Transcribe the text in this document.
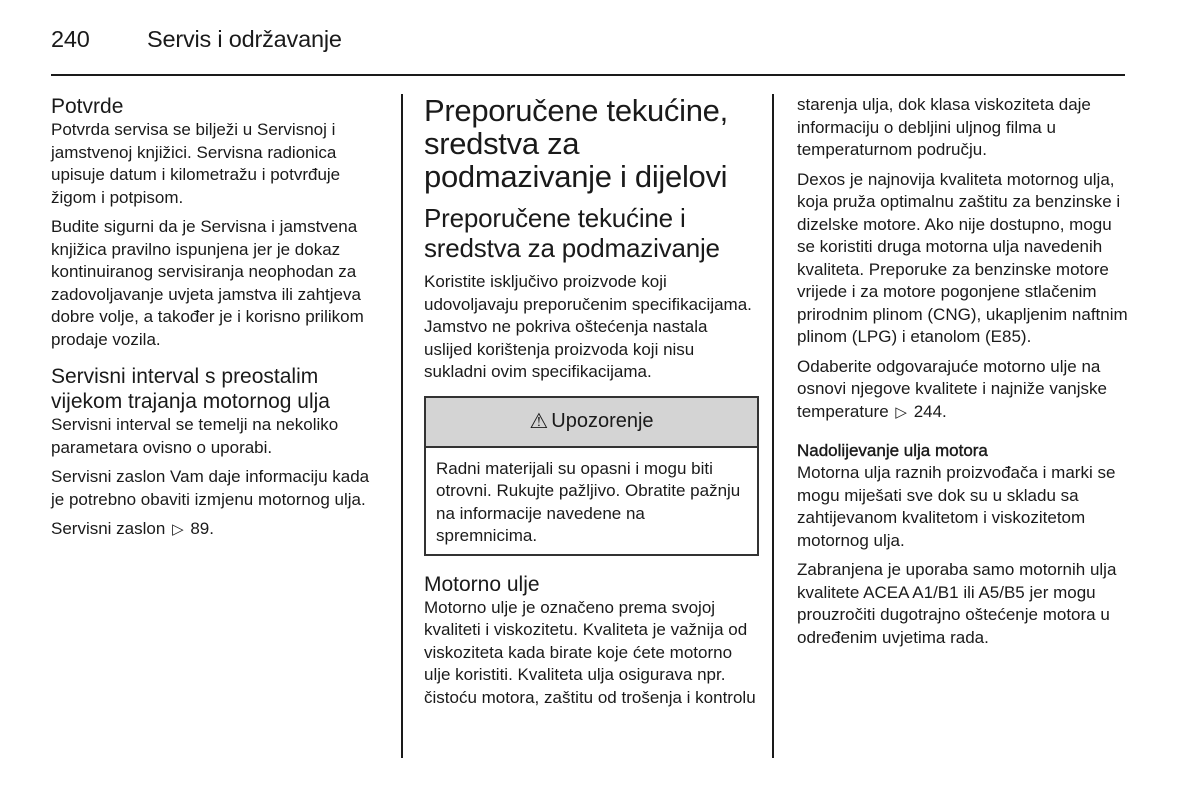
240 Servis i održavanje
Potvrde

Potvrda servisa se bilježi u Servisnoj i jamstvenoj knjižici. Servisna radionica upisuje datum i kilometražu i potvrđuje žigom i potpisom.

Budite sigurni da je Servisna i jamstvena knjižica pravilno ispunjena jer je dokaz kontinuiranog servisiranja neophodan za zadovoljavanje uvjeta jamstva ili zahtjeva dobre volje, a također je i korisno prilikom prodaje vozila.

Servisni interval s preostalim vijekom trajanja motornog ulja

Servisni interval se temelji na nekoliko parametara ovisno o uporabi.

Servisni zaslon Vam daje informaciju kada je potrebno obaviti izmjenu motornog ulja.

Servisni zaslon ▷ 89.

Preporučene tekućine, sredstva za podmazivanje i dijelovi
Preporučene tekućine i sredstva za podmazivanje

Koristite isključivo proizvode koji udovoljavaju preporučenim specifikacijama. Jamstvo ne pokriva oštećenja nastala uslijed korištenja proizvoda koji nisu sukladni ovim specifikacijama.

⚠ Upozorenje

Radni materijali su opasni i mogu biti otrovni. Rukujte pažljivo. Obratite pažnju na informacije navedene na spremnicima.

Motorno ulje

Motorno ulje je označeno prema svojoj kvaliteti i viskozitetu. Kvaliteta je važnija od viskoziteta kada birate koje ćete motorno ulje koristiti. Kvaliteta ulja osigurava npr. čistoću motora, zaštitu od trošenja i kontrolu

starenja ulja, dok klasa viskoziteta daje informaciju o debljini uljnog filma u temperaturnom području.

Dexos je najnovija kvaliteta motornog ulja, koja pruža optimalnu zaštitu za benzinske i dizelske motore. Ako nije dostupno, mogu se koristiti druga motorna ulja navedenih kvaliteta. Preporuke za benzinske motore vrijede i za motore pogonjene stlačenim prirodnim plinom (CNG), ukapljenim naftnim plinom (LPG) i etanolom (E85).

Odaberite odgovarajuće motorno ulje na osnovi njegove kvalitete i najniže vanjske temperature ▷ 244.

Nadolijevanje ulja motora

Motorna ulja raznih proizvođača i marki se mogu miješati sve dok su u skladu sa zahtijevanom kvalitetom i viskozitetom motornog ulja.

Zabranjena je uporaba samo motornih ulja kvalitete ACEA A1/B1 ili A5/B5 jer mogu prouzročiti dugotrajno oštećenje motora u određenim uvjetima rada.
